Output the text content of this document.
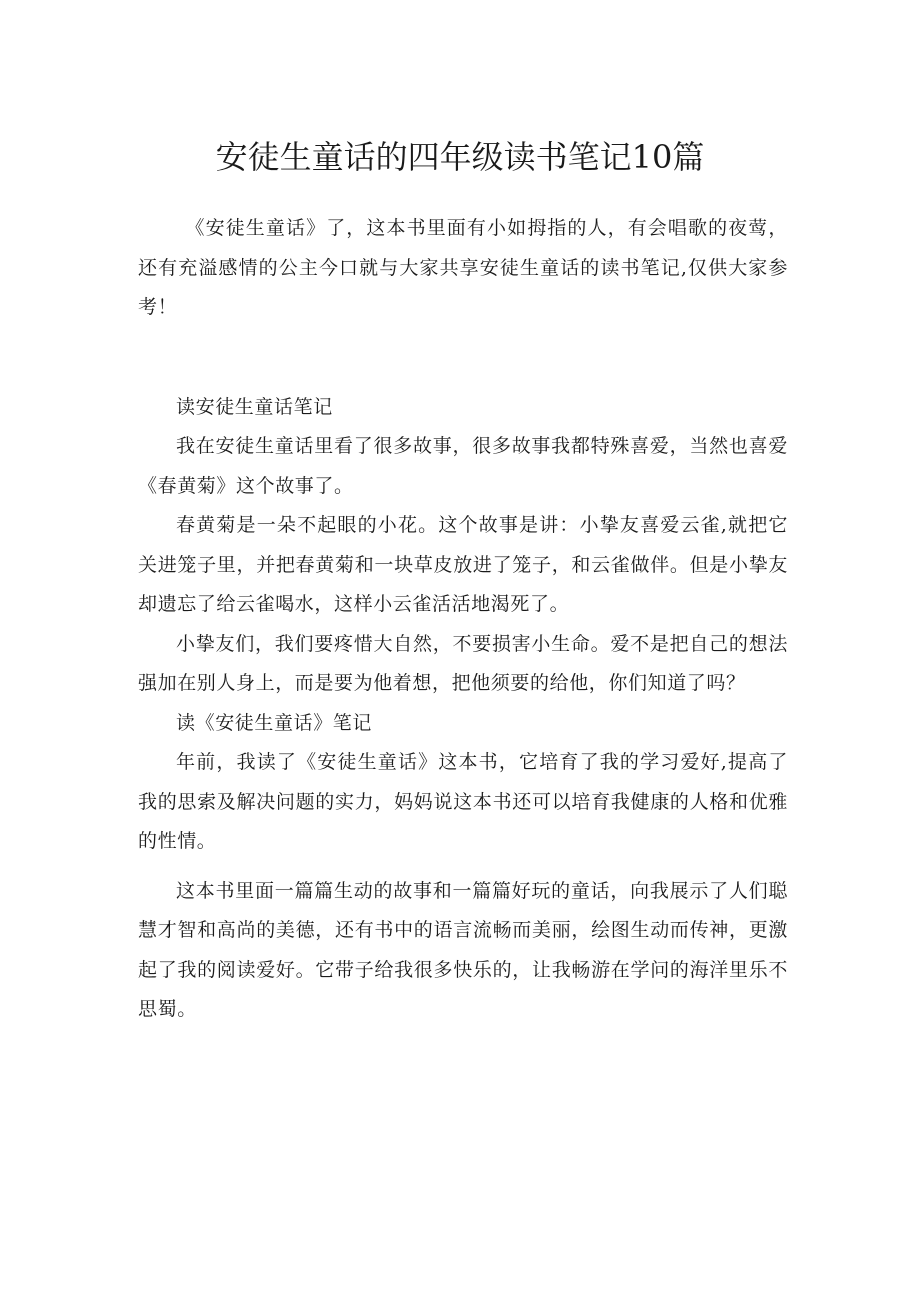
安徒生童话的四年级读书笔记10篇

《安徒生童话》了，这本书里面有小如拇指的人，有会唱歌的夜莺，还有充溢感情的公主今口就与大家共享安徒生童话的读书笔记,仅供大家参考！

读安徒生童话笔记

我在安徒生童话里看了很多故事，很多故事我都特殊喜爱，当然也喜爱《春黄菊》这个故事了。

春黄菊是一朵不起眼的小花。这个故事是讲：小挚友喜爱云雀,就把它关进笼子里，并把春黄菊和一块草皮放进了笼子，和云雀做伴。但是小挚友却遗忘了给云雀喝水，这样小云雀活活地渴死了。

小挚友们，我们要疼惜大自然，不要损害小生命。爱不是把自己的想法强加在别人身上，而是要为他着想，把他须要的给他，你们知道了吗？

读《安徒生童话》笔记

年前，我读了《安徒生童话》这本书，它培育了我的学习爱好,提高了我的思索及解决问题的实力，妈妈说这本书还可以培育我健康的人格和优雅的性情。

这本书里面一篇篇生动的故事和一篇篇好玩的童话，向我展示了人们聪慧才智和高尚的美德，还有书中的语言流畅而美丽，绘图生动而传神，更激起了我的阅读爱好。它带子给我很多快乐的，让我畅游在学问的海洋里乐不思蜀。
